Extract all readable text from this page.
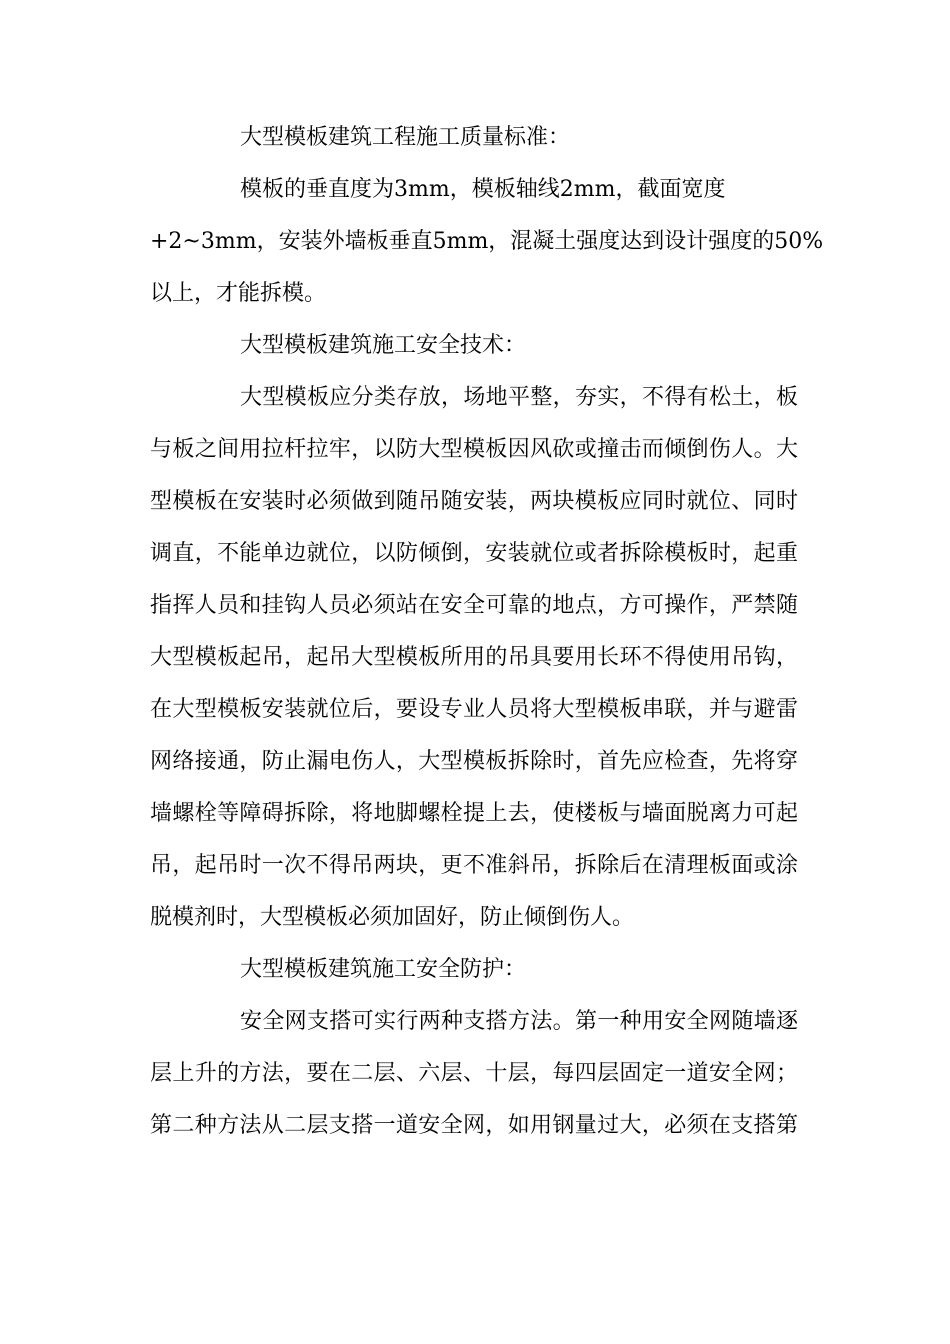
大型模板建筑工程施工质量标准：
模板的垂直度为3mm，模板轴线2mm，截面宽度
+2~3mm，安装外墙板垂直5mm，混凝土强度达到设计强度的50%
以上，才能拆模。
大型模板建筑施工安全技术：
大型模板应分类存放，场地平整，夯实，不得有松土，板
与板之间用拉杆拉牢，以防大型模板因风砍或撞击而倾倒伤人。大
型模板在安装时必须做到随吊随安装，两块模板应同时就位、同时
调直，不能单边就位，以防倾倒，安装就位或者拆除模板时，起重
指挥人员和挂钩人员必须站在安全可靠的地点，方可操作，严禁随
大型模板起吊，起吊大型模板所用的吊具要用长环不得使用吊钩，
在大型模板安装就位后，要设专业人员将大型模板串联，并与避雷
网络接通，防止漏电伤人，大型模板拆除时，首先应检查，先将穿
墙螺栓等障碍拆除，将地脚螺栓提上去，使楼板与墙面脱离力可起
吊，起吊时一次不得吊两块，更不准斜吊，拆除后在清理板面或涂
脱模剂时，大型模板必须加固好，防止倾倒伤人。
大型模板建筑施工安全防护：
安全网支搭可实行两种支搭方法。第一种用安全网随墙逐
层上升的方法，要在二层、六层、十层，每四层固定一道安全网；
第二种方法从二层支搭一道安全网，如用钢量过大，必须在支搭第
